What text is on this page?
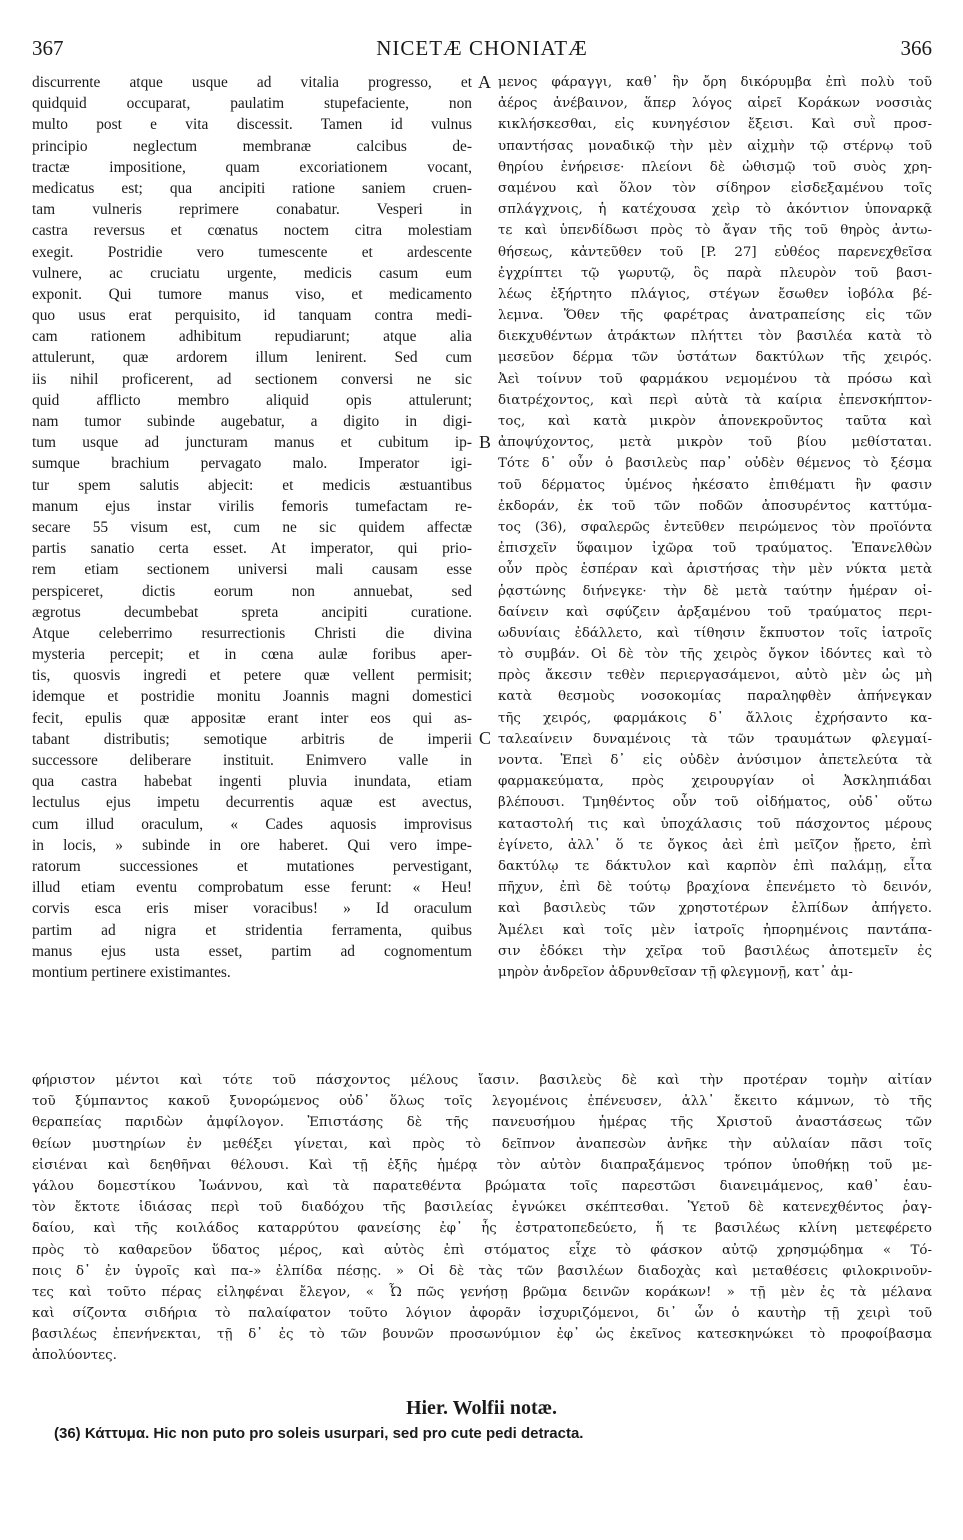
367	NICETÆ CHONIATÆ	366
discurrente atque usque ad vitalia progresso, et
quidquid occuparat, paulatim stupefaciente, non
multo post e vita discessit. Tamen id vulnus
principio neglectum membranæ calcibus de-
tractæ impositione, quam excoriationem vocant,
medicatus est; qua ancipiti ratione saniem cruen-
tam vulneris reprimere conabatur. Vesperi in
castra reversus et cœnatus noctem citra molestiam
exegit. Postridie vero tumescente et ardescente
vulnere, ac cruciatu urgente, medicis casum eum
exponit. Qui tumore manus viso, et medicamento
quo usus erat perquisito, id tanquam contra medi-
cam rationem adhibitum repudiarunt; atque alia
attulerunt, quæ ardorem illum lenirent. Sed cum
iis nihil proficerent, ad sectionem conversi ne sic
quid afflicto membro aliquid opis attulerunt;
nam tumor subinde augebatur, a digito in digi-
tum usque ad juncturam manus et cubitum ip-
sumque brachium pervagato malo. Imperator igi-
tur spem salutis abjecit: et medicis æstuantibus
manum ejus instar virilis femoris tumefactam re-
secare 55 visum est, cum ne sic quidem affectæ
partis sanatio certa esset. At imperator, qui prio-
rem etiam sectionem universi mali causam esse
perspiceret, dictis eorum non annuebat, sed
ægrotus decumbebat spreta ancipiti curatione.
Atque celeberrimo resurrectionis Christi die divina
mysteria percepit; et in cœna aulæ foribus aper-
tis, quosvis ingredi et petere quæ vellent permisit;
idemque et postridie monitu Joannis magni domestici
fecit, epulis quæ appositæ erant inter eos qui as-
tabant distributis; semotique arbitris de imperii
successore deliberare instituit. Enimvero valle in
qua castra habebat ingenti pluvia inundata, etiam
lectulus ejus impetu decurrentis aquæ est avectus,
cum illud oraculum, « Cades aquosis improvisus
in locis, » subinde in ore haberet. Qui vero impe-
ratorum successiones et mutationes pervestigant,
illud etiam eventu comprobatum esse ferunt: « Heu!
corvis esca eris miser voracibus! » Id oraculum
partim ad nigra et stridentia ferramenta, quibus
manus ejus usta esset, partim ad cognomentum
montium pertinere existimantes.
μενος φάραγγι, καθ᾽ ἣν ὄρη δικόρυμβα ἐπὶ πολὺ τοῦ
ἀέρος ἀνέβαινον, ἅπερ λόγος αἱρεῖ Κοράκων νοσσιὰς
κικλήσκεσθαι, εἰς κυνηγέσιον ἔξεισι. Καὶ συῒ προσ-
υπαντήσας μοναδικῷ τὴν μὲν αἰχμὴν τῷ στέρνῳ τοῦ
θηρίου ἐνήρεισε· πλείονι δὲ ὠθισμῷ τοῦ συὸς χρη-
σαμένου καὶ ὅλον τὸν σίδηρον εἰσδεξαμένου τοῖς
σπλάγχνοις, ἡ κατέχουσα χεὶρ τὸ ἀκόντιον ὑποναρκᾷ
τε καὶ ὑπενδίδωσι πρὸς τὸ ἄγαν τῆς τοῦ θηρὸς ἀντω-
θήσεως, κἀντεῦθεν τοῦ [P. 27] εὐθέος παρενεχθεῖσα
ἐγχρίπτει τῷ γωρυτῷ, ὃς παρὰ πλευρὸν τοῦ βασι-
λέως ἐξήρτητο πλάγιος, στέγων ἔσωθεν ἰοβόλα βέ-
λεμνα. Ὅθεν τῆς φαρέτρας ἀνατραπείσης εἰς τῶν
διεκχυθέντων ἀτράκτων πλήττει τὸν βασιλέα κατὰ τὸ
μεσεῦον δέρμα τῶν ὑστάτων δακτύλων τῆς χειρός.
Ἀεὶ τοίνυν τοῦ φαρμάκου νεμομένου τὰ πρόσω καὶ
διατρέχοντος, καὶ περὶ αὐτὰ τὰ καίρια ἐπενσκήπτον-
τος, καὶ κατὰ μικρὸν ἀπονεκροῦντος ταῦτα καὶ
ἀποψύχοντος, μετὰ μικρὸν τοῦ βίου μεθίσταται.
Τότε δ᾽ οὖν ὁ βασιλεὺς παρ᾽ οὐδὲν θέμενος τὸ ξέσμα
τοῦ δέρματος ὑμένος ἠκέσατο ἐπιθέματι ἣν φασιν
ἐκδοράν, ἐκ τοῦ τῶν ποδῶν ἀποσυρέντος καττύμα-
τος (36), σφαλερῶς ἐντεῦθεν πειρώμενος τὸν προϊόντα
ἐπισχεῖν ὕφαιμον ἰχῶρα τοῦ τραύματος. Ἐπανελθὼν
οὖν πρὸς ἑσπέραν καὶ ἀριστήσας τὴν μὲν νύκτα μετὰ
ῥᾳστώνης διήνεγκε· τὴν δὲ μετὰ ταύτην ἡμέραν οἰ-
δαίνειν καὶ σφύζειν ἀρξαμένου τοῦ τραύματος περι-
ωδυνίαις ἐδάλλετο, καὶ τίθησιν ἔκπυστον τοῖς ἰατροῖς
τὸ συμβάν. Οἱ δὲ τὸν τῆς χειρὸς ὄγκον ἰδόντες καὶ τὸ
πρὸς ἄκεσιν τεθὲν περιεργασάμενοι, αὐτὸ μὲν ὡς μὴ
κατὰ θεσμοὺς νοσοκομίας παραληφθὲν ἀπήνεγκαν
τῆς χειρός, φαρμάκοις δ᾽ ἄλλοις ἐχρήσαντο κα-
ταλεαίνειν δυναμένοις τὰ τῶν τραυμάτων φλεγμαί-
νοντα. Ἐπεὶ δ᾽ εἰς οὐδὲν ἀνύσιμον ἀπετελεύτα τὰ
φαρμακεύματα, πρὸς χειρουργίαν οἱ Ἀσκληπιάδαι
βλέπουσι. Τμηθέντος οὖν τοῦ οἰδήματος, οὐδ᾽ οὕτω
καταστολή τις καὶ ὑποχάλασις τοῦ πάσχοντος μέρους
ἐγίνετο, ἀλλ᾽ ὅ τε ὄγκος ἀεὶ ἐπὶ μεῖζον ᾔρετο, ἐπὶ
δακτύλῳ τε δάκτυλον καὶ καρπὸν ἐπὶ παλάμῃ, εἶτα
πῆχυν, ἐπὶ δὲ τούτῳ βραχίονα ἐπενέμετο τὸ δεινόν,
καὶ βασιλεὺς τῶν χρηστοτέρων ἐλπίδων ἀπήγετο.
Ἀμέλει καὶ τοῖς μὲν ἰατροῖς ἠπορημένοις παντάπα-
σιν ἐδόκει τὴν χεῖρα τοῦ βασιλέως ἀποτεμεῖν ἐς
μηρὸν ἀνδρεῖον ἀδρυνθεῖσαν τῇ φλεγμονῇ, κατ᾽ ἀμ-
A
B
C
φήριστον μέντοι καὶ τότε τοῦ πάσχοντος μέλους ἴασιν. βασιλεὺς δὲ καὶ τὴν προτέραν τομὴν αἰτίαν
τοῦ ξύμπαντος κακοῦ ξυνορώμενος οὐδ᾽ ὅλως τοῖς λεγομένοις ἐπένευσεν, ἀλλ᾽ ἔκειτο κάμνων, τὸ τῆς
θεραπείας παριδὼν ἀμφίλογον. Ἐπιστάσης δὲ τῆς πανευσήμου ἡμέρας τῆς Χριστοῦ ἀναστάσεως τῶν
θείων μυστηρίων ἐν μεθέξει γίνεται, καὶ πρὸς τὸ δεῖπνον ἀναπεσὼν ἀνῆκε τὴν αὐλαίαν πᾶσι τοῖς
εἰσιέναι καὶ δεηθῆναι θέλουσι. Καὶ τῇ ἑξῆς ἡμέρᾳ τὸν αὐτὸν διαπραξάμενος τρόπον ὑποθήκῃ τοῦ με-
γάλου δομεστίκου Ἰωάννου, καὶ τὰ παρατεθέντα βρώματα τοῖς παρεστῶσι διανειμάμενος, καθ᾽ ἑαυ-
τὸν ἔκτοτε ἰδιάσας περὶ τοῦ διαδόχου τῆς βασιλείας ἐγνώκει σκέπτεσθαι. Ὑετοῦ δὲ κατενεχθέντος ῥαγ-
δαίου, καὶ τῆς κοιλάδος καταρρύτου φανείσης ἐφ᾽ ἧς ἐστρατοπεδεύετο, ἥ τε βασιλέως κλίνη μετεφέρετο
πρὸς τὸ καθαρεῦον ὕδατος μέρος, καὶ αὐτὸς ἐπὶ στόματος εἶχε τὸ φάσκον αὐτῷ χρησμῴδημα « Τό-
ποις δ᾽ ἐν ὑγροῖς καὶ πα-» ἐλπίδα πέσῃς. » Οἱ δὲ τὰς τῶν βασιλέων διαδοχὰς καὶ μεταθέσεις φιλοκρινοῦν-
τες καὶ τοῦτο πέρας εἰληφέναι ἔλεγον, « Ὦ πῶς γενήσῃ βρῶμα δεινῶν κοράκων! » τῇ μὲν ἐς τὰ μέλανα
καὶ σίζοντα σιδήρια τὸ παλαίφατον τοῦτο λόγιον ἀφορᾶν ἰσχυριζόμενοι, δι᾽ ὧν ὁ καυτὴρ τῇ χειρὶ τοῦ
βασιλέως ἐπενήνεκται, τῇ δ᾽ ἐς τὸ τῶν βουνῶν προσωνύμιον ἐφ᾽ ὡς ἐκεῖνος κατεσκηνώκει τὸ προφοίβασμα
ἀπολύοντες.
Hier. Wolfii notæ.
(36) Κάττυμα. Hic non puto pro soleis usurpari, sed pro cute pedi detracta.
